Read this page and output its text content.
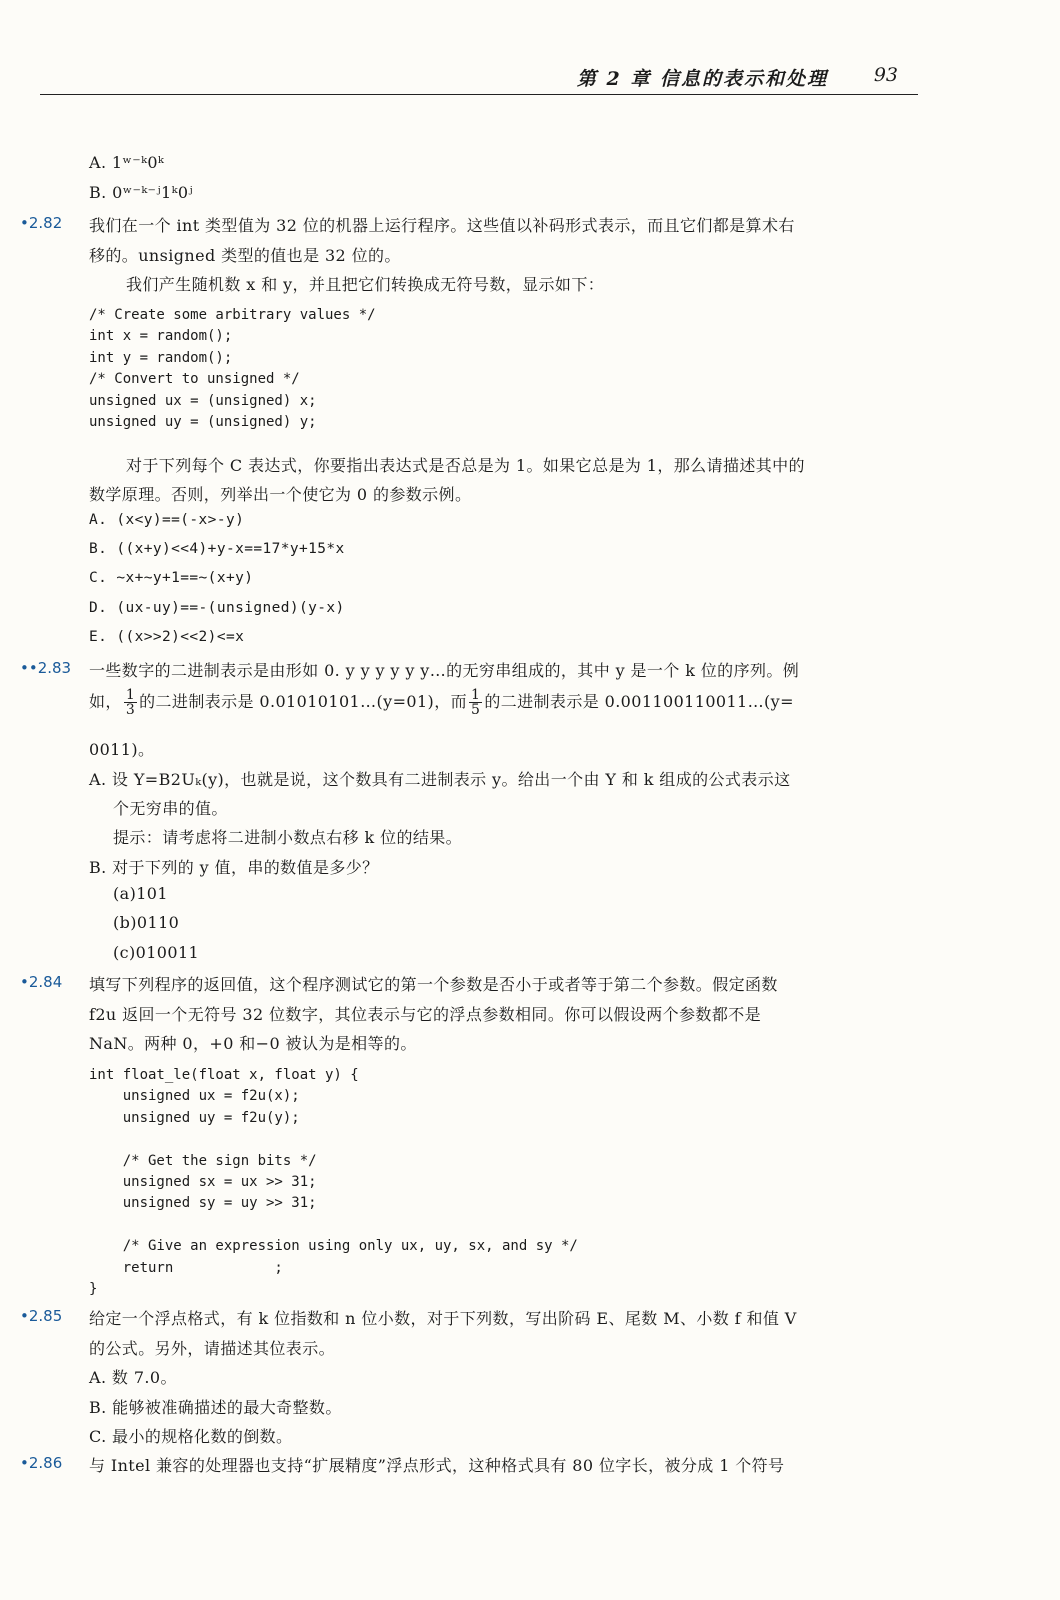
第 2 章 信息的表示和处理 93
A. 1ʷ⁻ᵏ0ᵏ
B. 0ʷ⁻ᵏ⁻ʲ1ᵏ0ʲ
•2.82 我们在一个 int 类型值为 32 位的机器上运行程序。这些值以补码形式表示，而且它们都是算术右
移的。unsigned 类型的值也是 32 位的。
我们产生随机数 x 和 y，并且把它们转换成无符号数，显示如下：
/* Create some arbitrary values */
int x = random();
int y = random();
/* Convert to unsigned */
unsigned ux = (unsigned) x;
unsigned uy = (unsigned) y;
对于下列每个 C 表达式，你要指出表达式是否总是为 1。如果它总是为 1，那么请描述其中的
数学原理。否则，列举出一个使它为 0 的参数示例。
A. (x<y)==(-x>-y)
B. ((x+y)<<4)+y-x==17*y+15*x
C. ~x+~y+1==~(x+y)
D. (ux-uy)==-(unsigned)(y-x)
E. ((x>>2)<<2)<=x
••2.83 一些数字的二进制表示是由形如 0. y y y y y y…的无穷串组成的，其中 y 是一个 k 位的序列。例
如， $\frac{1}{3}$ 的二进制表示是 0.01010101…(y=01)，而 $\frac{1}{5}$ 的二进制表示是 0.001100110011…(y=
0011)。
A. 设 Y=B2Uₖ(y)，也就是说，这个数具有二进制表示 y。给出一个由 Y 和 k 组成的公式表示这
个无穷串的值。
提示：请考虑将二进制小数点右移 k 位的结果。
B. 对于下列的 y 值，串的数值是多少？
(a)101
(b)0110
(c)010011
•2.84 填写下列程序的返回值，这个程序测试它的第一个参数是否小于或者等于第二个参数。假定函数
f2u 返回一个无符号 32 位数字，其位表示与它的浮点参数相同。你可以假设两个参数都不是
NaN。两种 0，+0 和−0 被认为是相等的。
int float_le(float x, float y) {
unsigned ux = f2u(x);
unsigned uy = f2u(y);

/* Get the sign bits */
unsigned sx = ux >> 31;
unsigned sy = uy >> 31;

/* Give an expression using only ux, uy, sx, and sy */
return            ;
}
•2.85 给定一个浮点格式，有 k 位指数和 n 位小数，对于下列数，写出阶码 E、尾数 M、小数 f 和值 V
的公式。另外，请描述其位表示。
A. 数 7.0。
B. 能够被准确描述的最大奇整数。
C. 最小的规格化数的倒数。
•2.86 与 Intel 兼容的处理器也支持“扩展精度”浮点形式，这种格式具有 80 位字长，被分成 1 个符号
